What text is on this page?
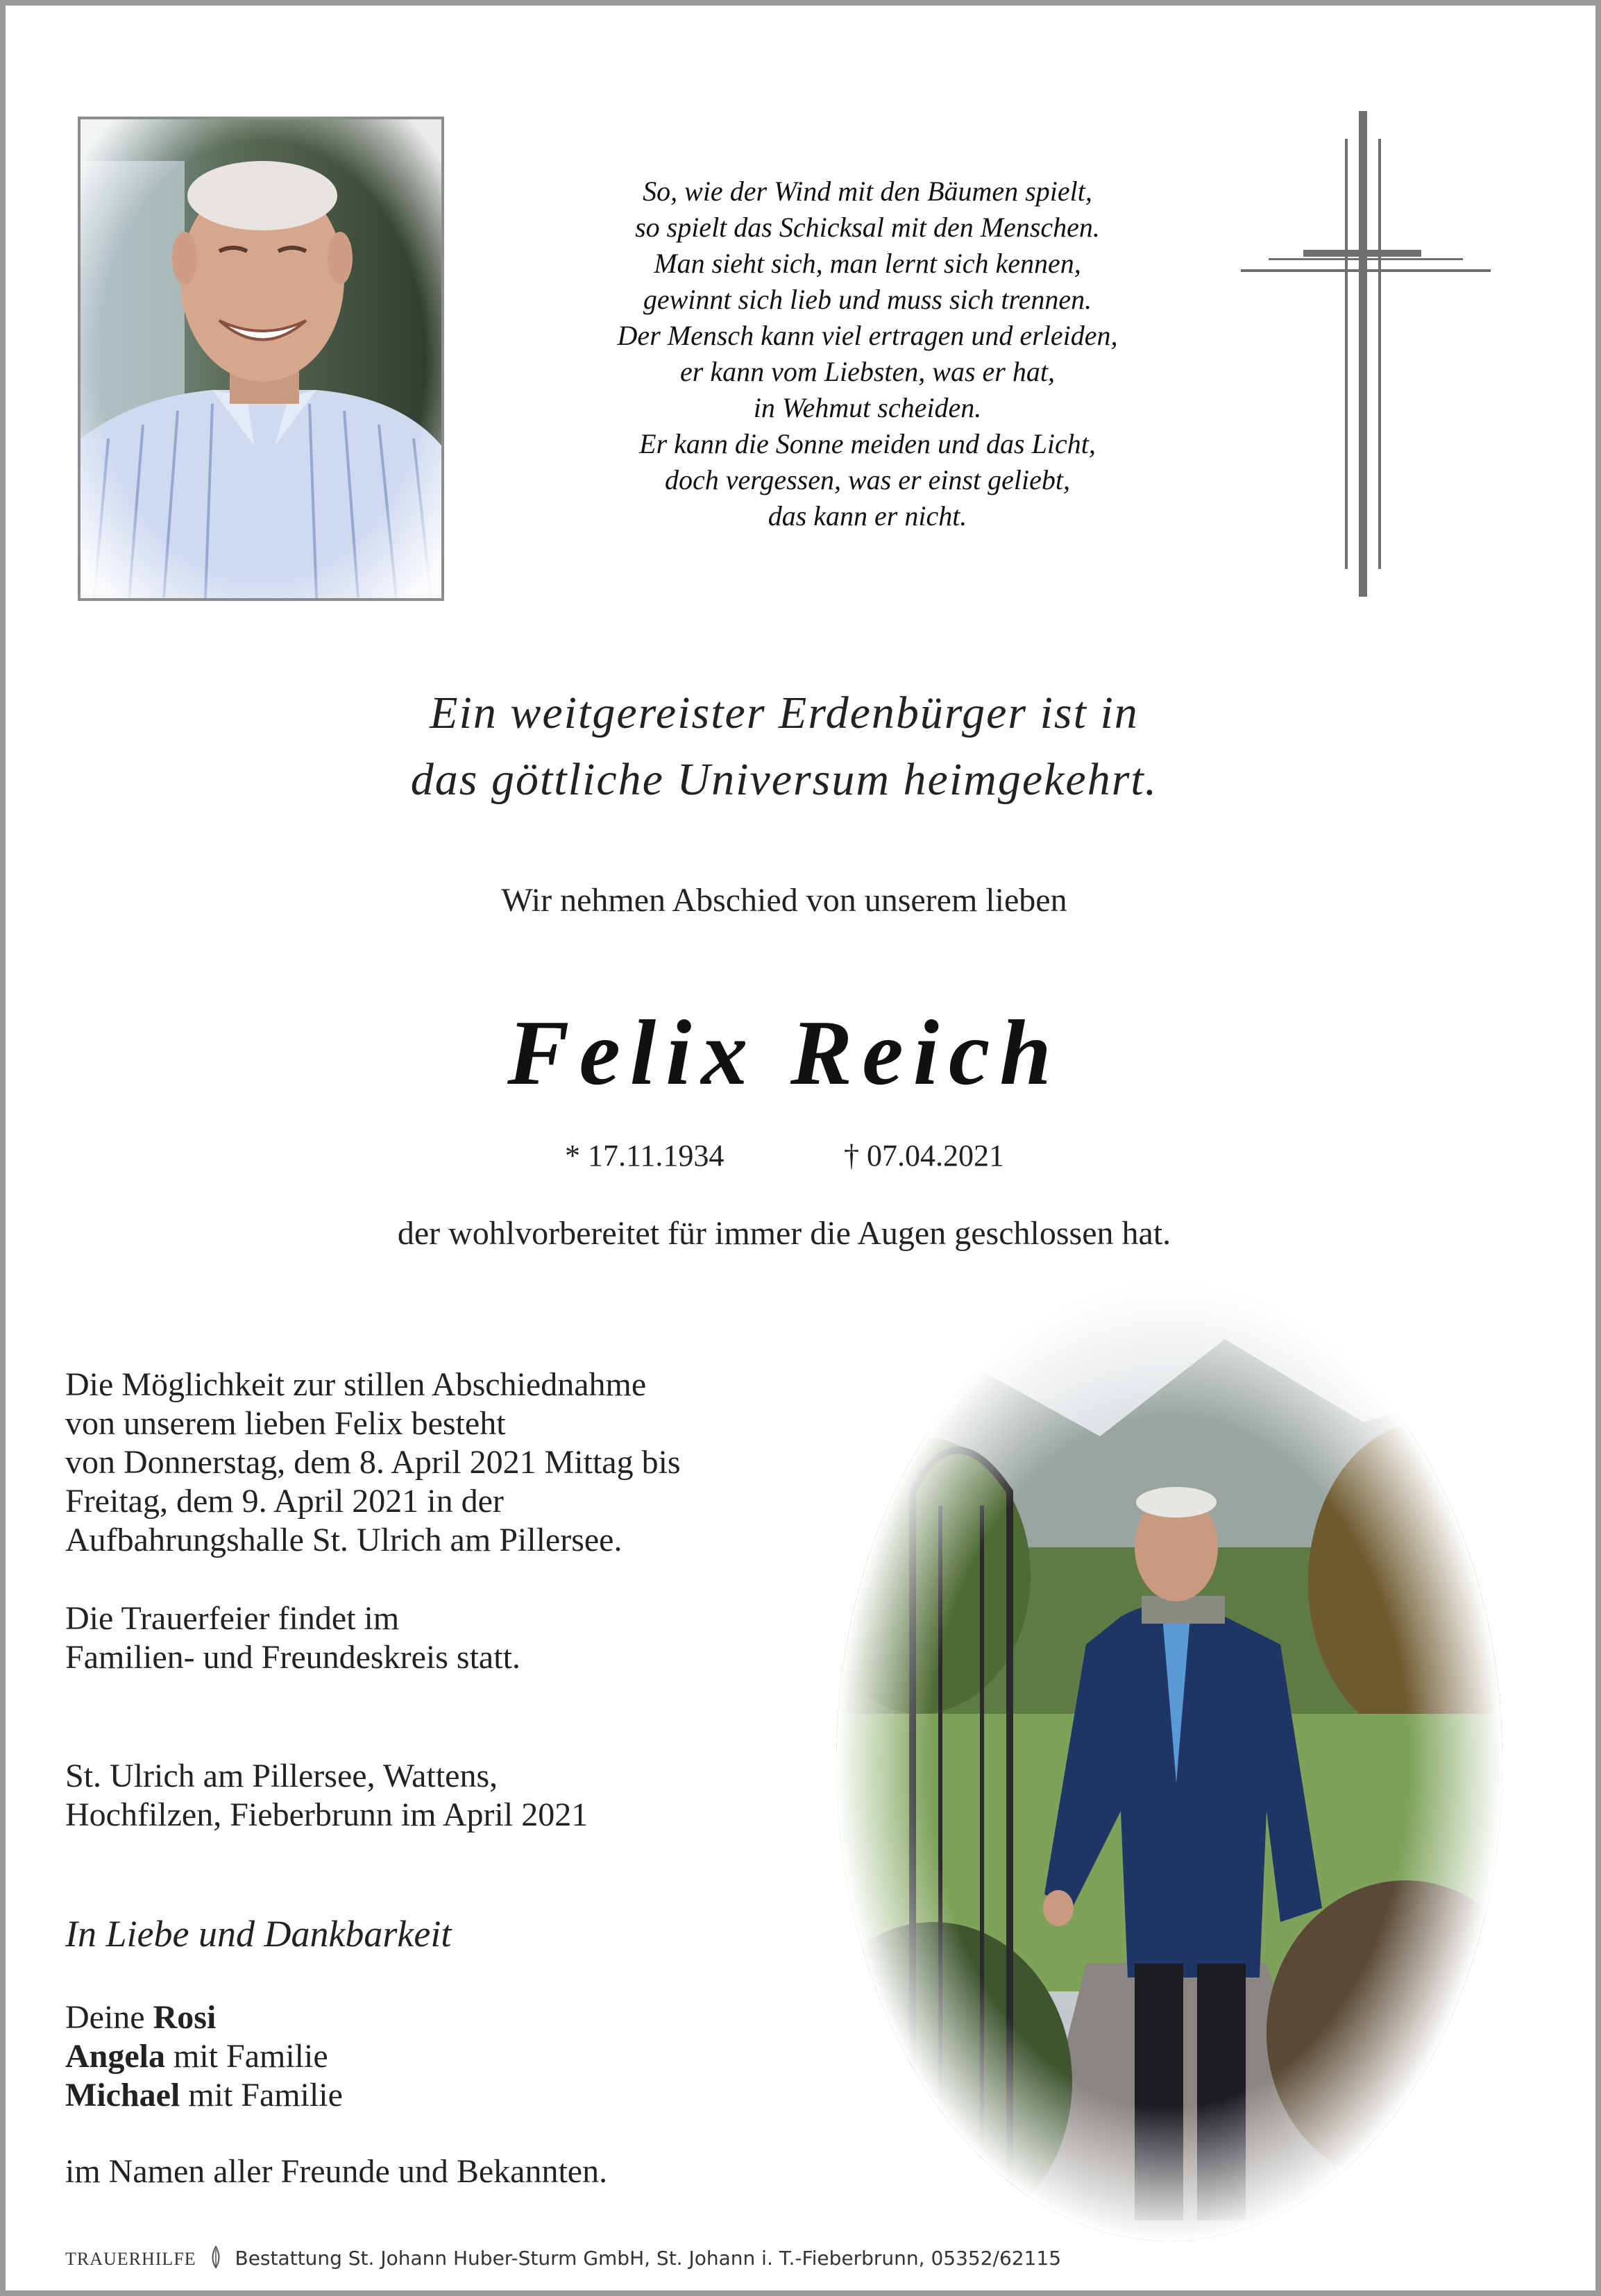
So, wie der Wind mit den Bäumen spielt,
so spielt das Schicksal mit den Menschen.
Man sieht sich, man lernt sich kennen,
gewinnt sich lieb und muss sich trennen.
Der Mensch kann viel ertragen und erleiden,
er kann vom Liebsten, was er hat,
in Wehmut scheiden.
Er kann die Sonne meiden und das Licht,
doch vergessen, was er einst geliebt,
das kann er nicht.
Ein weitgereister Erdenbürger ist in
das göttliche Universum heimgekehrt.
Wir nehmen Abschied von unserem lieben
Felix Reich
* 17.11.1934	† 07.04.2021
der wohlvorbereitet für immer die Augen geschlossen hat.
Die Möglichkeit zur stillen Abschiednahme
von unserem lieben Felix besteht
von Donnerstag, dem 8. April 2021 Mittag bis
Freitag, dem 9. April 2021 in der
Aufbahrungshalle St. Ulrich am Pillersee.
Die Trauerfeier findet im
Familien- und Freundeskreis statt.
St. Ulrich am Pillersee, Wattens,
Hochfilzen, Fieberbrunn im April 2021
In Liebe und Dankbarkeit
Deine Rosi
Angela mit Familie
Michael mit Familie
im Namen aller Freunde und Bekannten.
TRAUERHILFE Bestattung St. Johann Huber-Sturm GmbH, St. Johann i. T.-Fieberbrunn, 05352/62115
